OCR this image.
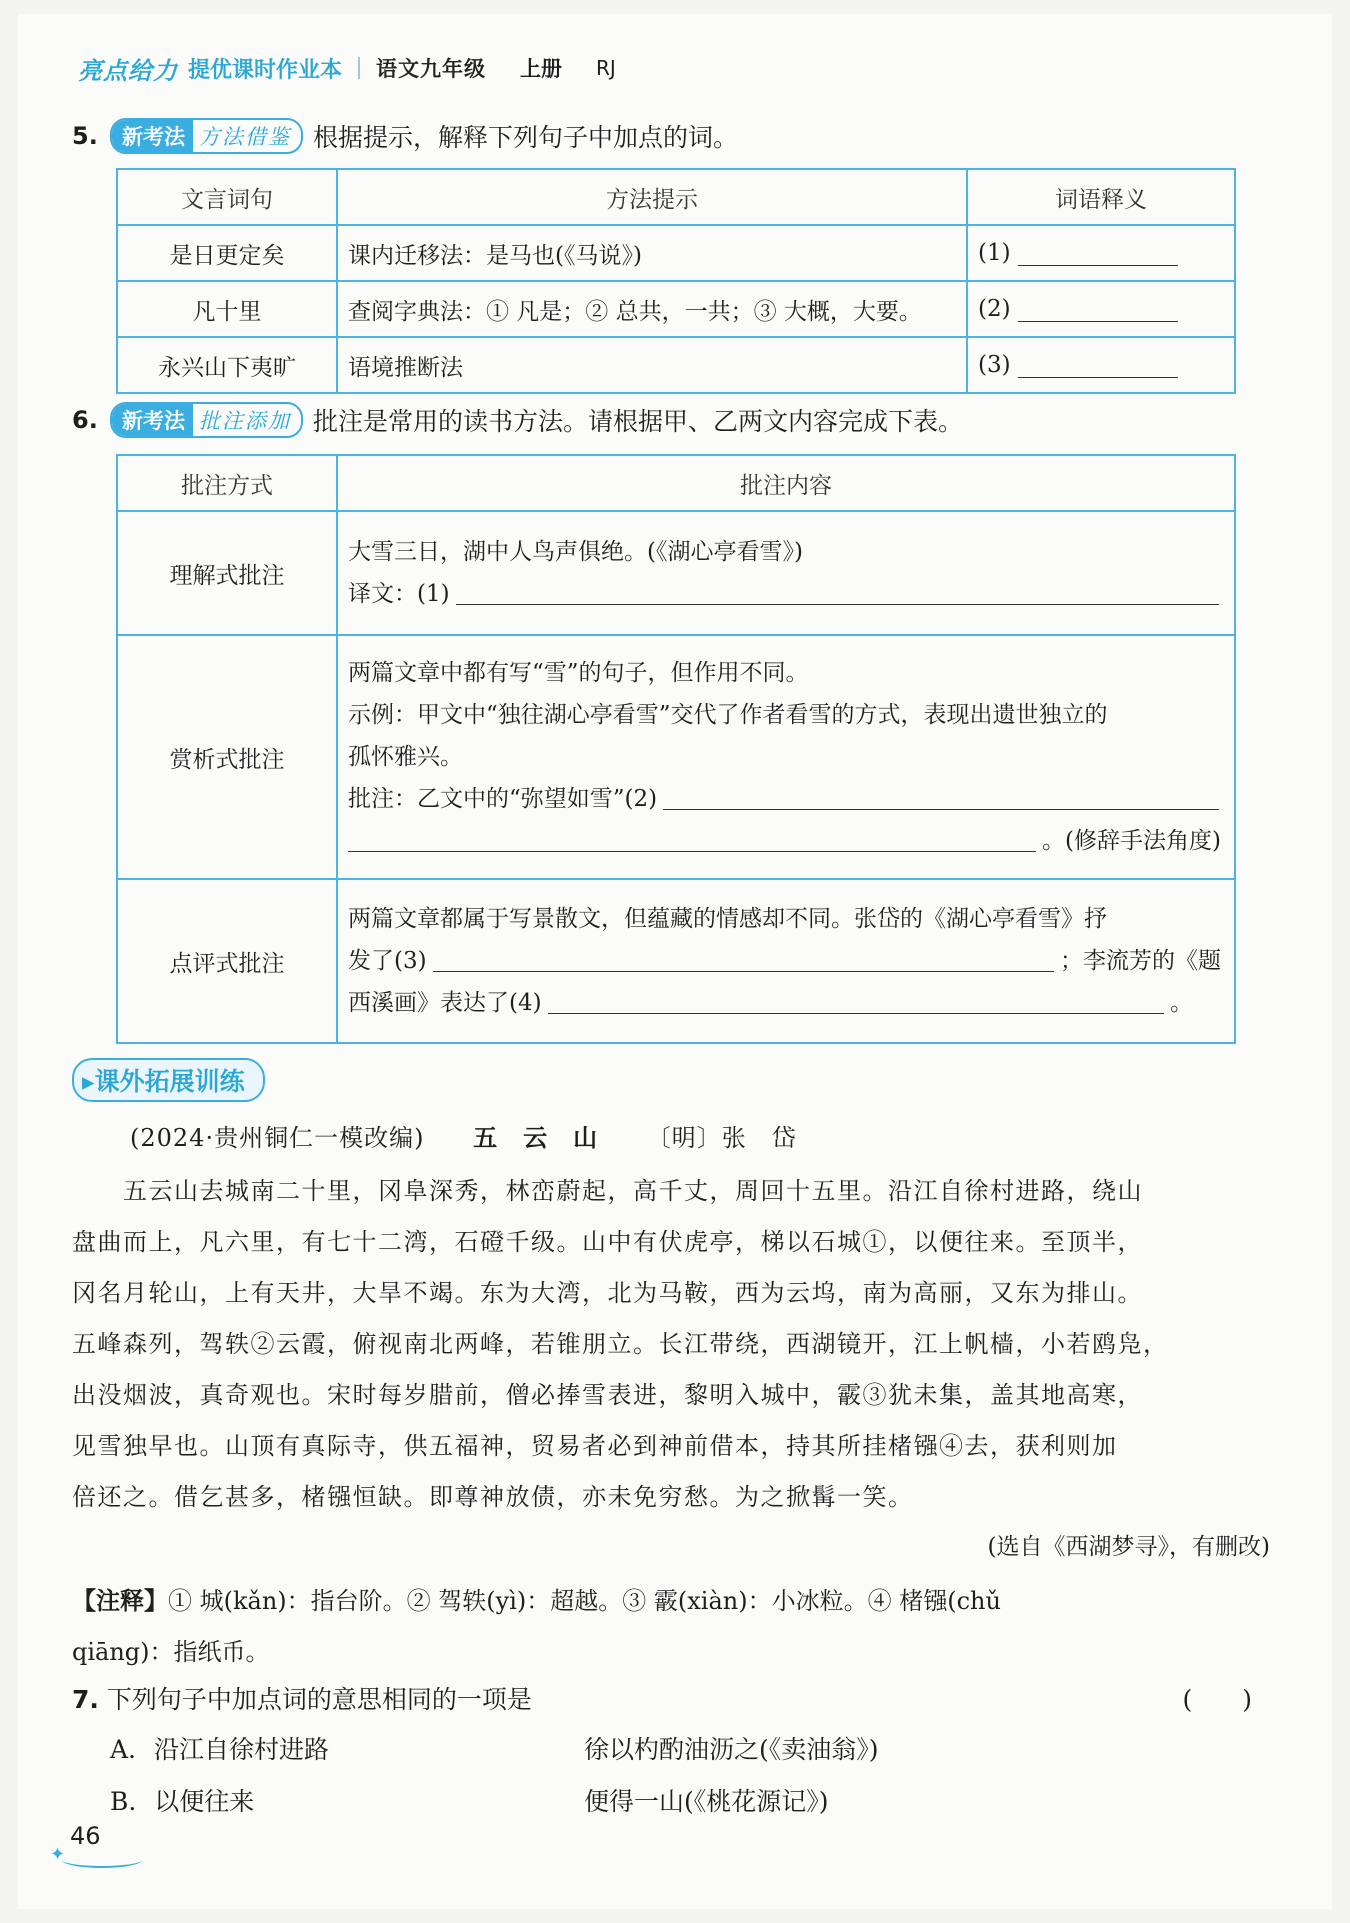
亮点给力 提优课时作业本 语文九年级 上册 RJ
5.	新考法 方法借鉴 根据提示，解释下列句子中加点的词。
文言词句	方法提示	词语释义
是日更定矣	课内迁移法：是马也(《马说》)	(1)
凡十里	查阅字典法：① 凡是；② 总共，一共；③ 大概，大要。	(2)
永兴山下夷旷	语境推断法	(3)
6.	新考法 批注添加 批注是常用的读书方法。请根据甲、乙两文内容完成下表。
批注方式	批注内容
理解式批注	大雪三日，湖中人鸟声俱绝。(《湖心亭看雪》)
译文：(1)

赏析式批注	两篇文章中都有写“雪”的句子，但作用不同。
示例：甲文中“独往湖心亭看雪”交代了作者看雪的方式，表现出遗世独立的
孤怀雅兴。
批注：乙文中的“弥望如雪”(2)
。(修辞手法角度)

点评式批注	两篇文章都属于写景散文，但蕴藏的情感却不同。张岱的《湖心亭看雪》抒
发了(3) ；李流芳的《题
西溪画》表达了(4) 。
▸课外拓展训练
(2024·贵州铜仁一模改编) 五　云　山 〔明〕张　岱
　　五云山去城南二十里，冈阜深秀，林峦蔚起，高千丈，周回十五里。沿江自徐村进路，绕山
盘曲而上，凡六里，有七十二湾，石磴千级。山中有伏虎亭，梯以石城①，以便往来。至顶半，
冈名月轮山，上有天井，大旱不竭。东为大湾，北为马鞍，西为云坞，南为高丽，又东为排山。
五峰森列，驾轶②云霞，俯视南北两峰，若锥朋立。长江带绕，西湖镜开，江上帆樯，小若鸥凫，
出没烟波，真奇观也。宋时每岁腊前，僧必捧雪表进，黎明入城中，霰③犹未集，盖其地高寒，
见雪独早也。山顶有真际寺，供五福神，贸易者必到神前借本，持其所挂楮镪④去，获利则加
倍还之。借乞甚多，楮镪恒缺。即尊神放债，亦未免穷愁。为之掀髯一笑。
(选自《西湖梦寻》，有删改)
【注释】① 城(kǎn)：指台阶。② 驾轶(yì)：超越。③ 霰(xiàn)：小冰粒。④ 楮镪(chǔ
qiāng)：指纸币。
7. 下列句子中加点词的意思相同的一项是	(　　)
A. 沿江自徐村进路	徐以杓酌油沥之(《卖油翁》)
B. 以便往来	便得一山(《桃花源记》)
✦
46
